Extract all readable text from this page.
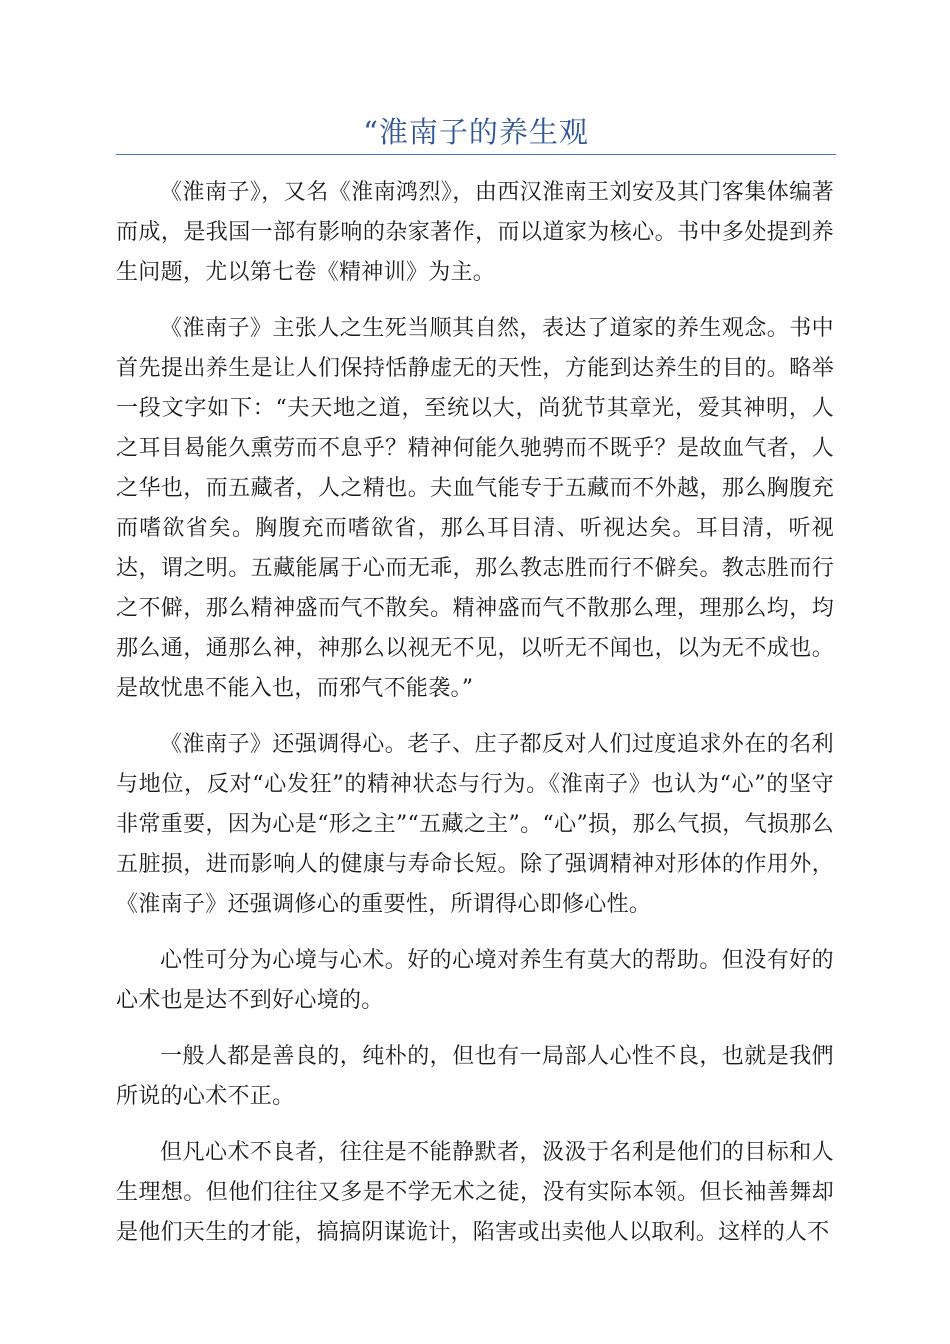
“淮南子的养生观

《淮南子》，又名《淮南鸿烈》，由西汉淮南王刘安及其门客集体编著而成，是我国一部有影响的杂家著作，而以道家为核心。书中多处提到养生问题，尤以第七卷《精神训》为主。

《淮南子》主张人之生死当顺其自然，表达了道家的养生观念。书中首先提出养生是让人们保持恬静虚无的天性，方能到达养生的目的。略举一段文字如下：“夫天地之道，至统以大，尚犹节其章光，爱其神明，人之耳目曷能久熏劳而不息乎？精神何能久驰骋而不既乎？是故血气者，人之华也，而五藏者，人之精也。夫血气能专于五藏而不外越，那么胸腹充而嗜欲省矣。胸腹充而嗜欲省，那么耳目清、听视达矣。耳目清，听视达，谓之明。五藏能属于心而无乖，那么教志胜而行不僻矣。教志胜而行之不僻，那么精神盛而气不散矣。精神盛而气不散那么理，理那么均，均那么通，通那么神，神那么以视无不见，以听无不闻也，以为无不成也。是故忧患不能入也，而邪气不能袭。”

《淮南子》还强调得心。老子、庄子都反对人们过度追求外在的名利与地位，反对“心发狂”的精神状态与行为。《淮南子》也认为“心”的坚守非常重要，因为心是“形之主”“五藏之主”。“心”损，那么气损，气损那么五脏损，进而影响人的健康与寿命长短。除了强调精神对形体的作用外，《淮南子》还强调修心的重要性，所谓得心即修心性。

心性可分为心境与心术。好的心境对养生有莫大的帮助。但没有好的心术也是达不到好心境的。

一般人都是善良的，纯朴的，但也有一局部人心性不良，也就是我們所说的心术不正。

但凡心术不良者，往往是不能静默者，汲汲于名利是他们的目标和人生理想。但他们往往又多是不学无术之徒，没有实际本领。但长袖善舞却是他们天生的才能，搞搞阴谋诡计，陷害或出卖他人以取利。这样的人不
